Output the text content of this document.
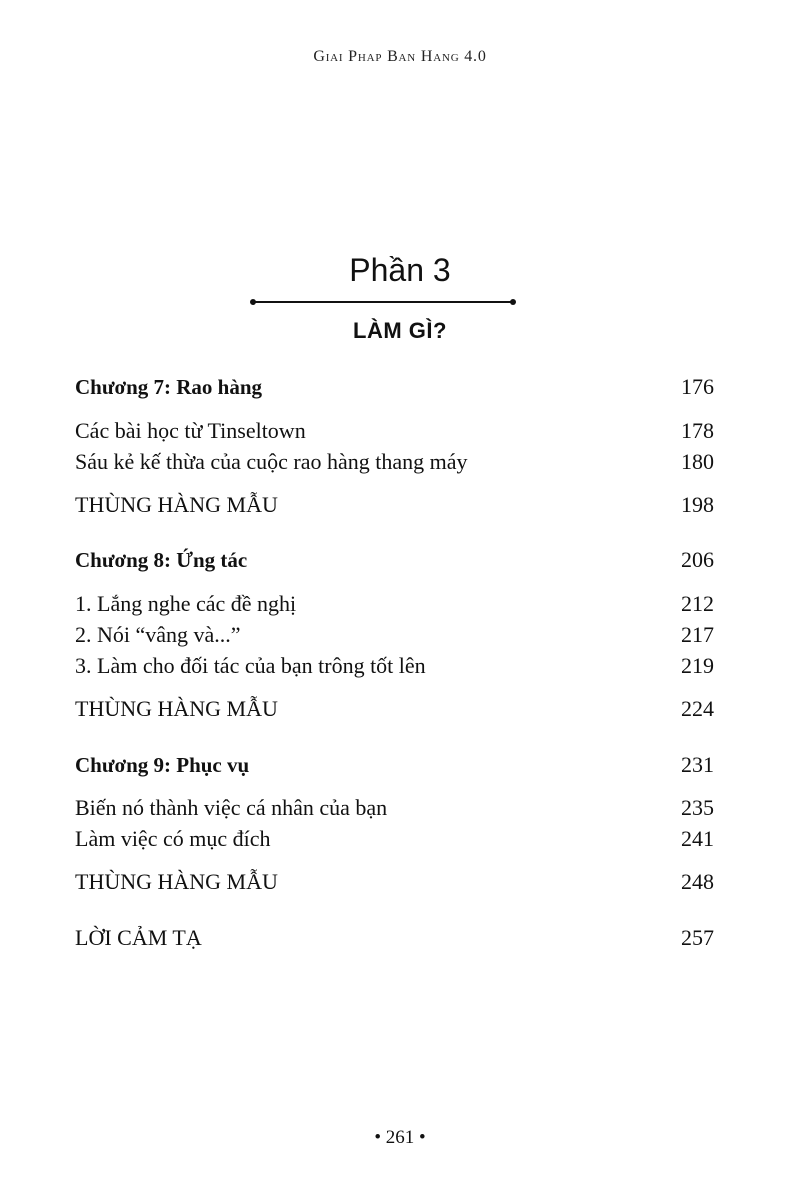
Giai Phap Ban Hang 4.0
Phần 3
LÀM GÌ?
Chương 7: Rao hàng	176
Các bài học từ Tinseltown	178
Sáu kẻ kế thừa của cuộc rao hàng thang máy	180
THÙNG HÀNG MẪU	198
Chương 8: Ứng tác	206
1. Lắng nghe các đề nghị	212
2. Nói “vâng và...”	217
3. Làm cho đối tác của bạn trông tốt lên	219
THÙNG HÀNG MẪU	224
Chương 9: Phục vụ	231
Biến nó thành việc cá nhân của bạn	235
Làm việc có mục đích	241
THÙNG HÀNG MẪU	248
LỜI CẢM TẠ	257
• 261 •
